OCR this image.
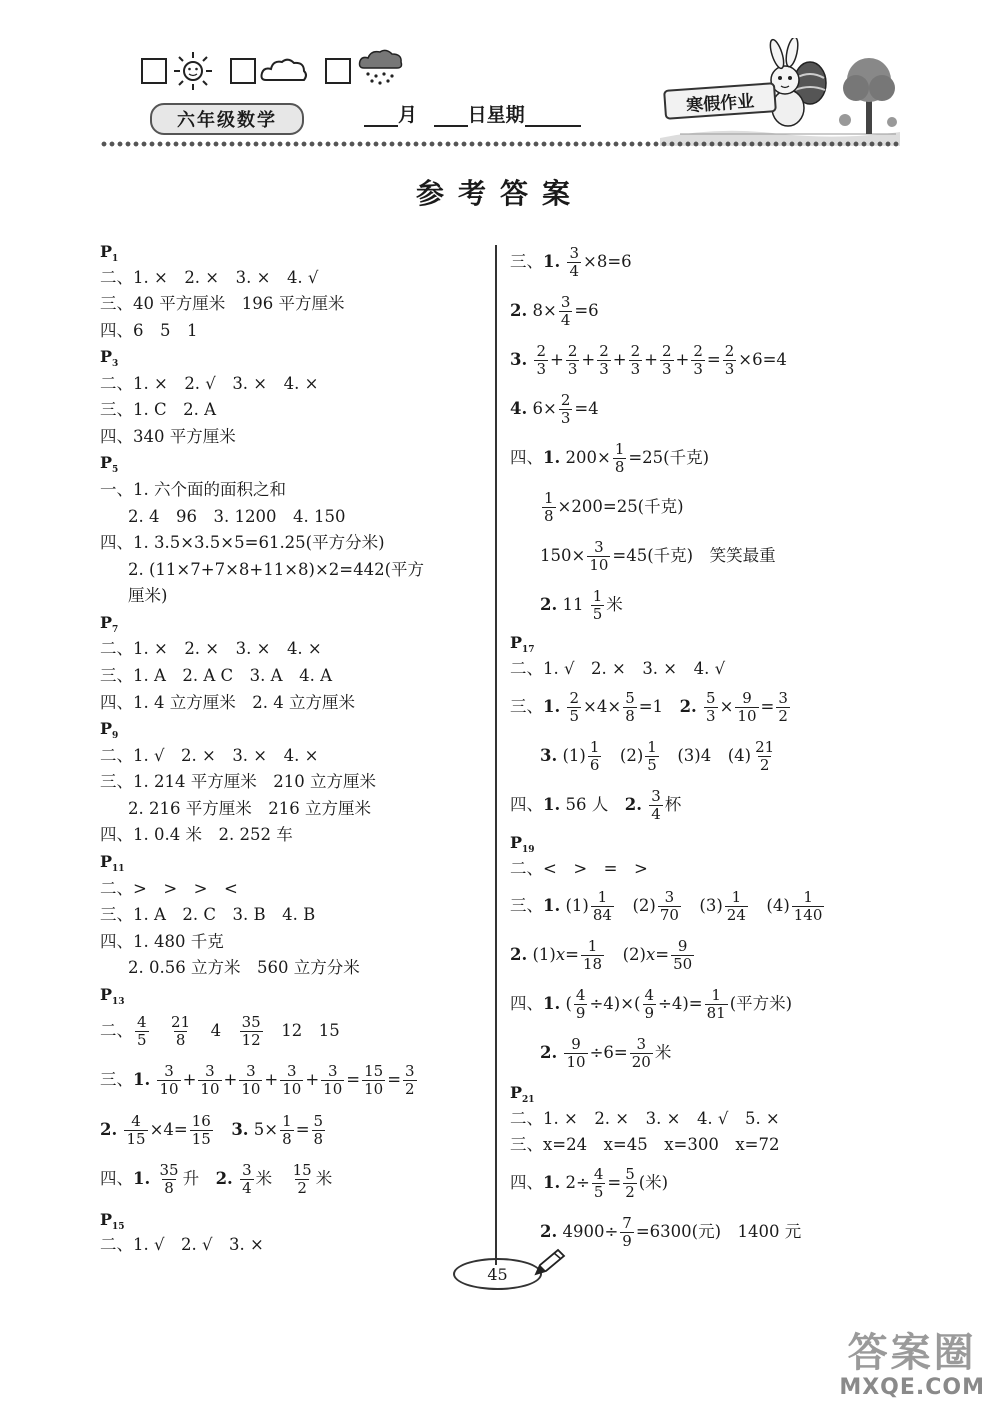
六年级数学	月	日星期	寒假作业
参考答案
$P_1$
二、1. ×　2. ×　3. ×　4. √
三、40 平方厘米　196 平方厘米
四、6　5　1
$P_3$
二、1. ×　2. √　3. ×　4. ×
三、1. C　2. A
四、340 平方厘米
$P_5$
一、1. 六个面的面积之和
2. 4　96　3. 1200　4. 150
四、1. 3.5×3.5×5=61.25(平方分米)
2. (11×7+7×8+11×8)×2=442(平方
厘米)
$P_7$
二、1. ×　2. ×　3. ×　4. ×
三、1. A　2. A C　3. A　4. A
四、1. 4 立方厘米　2. 4 立方厘米
$P_9$
二、1. √　2. ×　3. ×　4. ×
三、1. 214 平方厘米　210 立方厘米
2. 216 平方厘米　216 立方厘米
四、1. 0.4 米　2. 252 车
$P_{11}$
二、>　>　>　<
三、1. A　2. C　3. B　4. B
四、1. 480 千克
2. 0.56 立方米　560 立方分米
$P_{13}$
二、 $\frac{4}{5}$
　 $\frac{21}{8}$ 　4　 $\frac{35}{12}$ 　12　15
三、1. $\frac{3}{10} + \frac{3}{10} + \frac{3}{10} + \frac{3}{10} + \frac{3}{10} = \frac{15}{10} = \frac{3}{2}$
2. $\frac{4}{15} \times 4= \frac{16}{15}$
　 3. $5\times \frac{1}{8} = \frac{5}{8}$
四、1. $\frac{35}{8}$ 升　2. $\frac{3}{4}$ 米　 $\frac{15}{2}$ 米
$P_{15}$
二、1. √　2. √　3. ×
三、1. $\frac{3}{4} \times 8=6$
2. $8\times \frac{3}{4} =6$
3. $\frac{2}{3} + \frac{2}{3} + \frac{2}{3} + \frac{2}{3} + \frac{2}{3} + \frac{2}{3} = \frac{2}{3} \times 6=4$
4. $6\times \frac{2}{3} =4$
四、1. $200\times \frac{1}{8} =25$(千克)
$\frac{1}{8} \times 200=25$(千克)
$150\times \frac{3}{10} =45$(千克)　笑笑最重
2. $11 \frac{1}{5}$ 米
$P_{17}$
二、1. √　2. ×　3. ×　4. √
三、1. $\frac{2}{5} \times 4\times \frac{5}{8} =1$　2. $\frac{5}{3} \times \frac{9}{10} = \frac{3}{2}$
3. $(1) \frac{1}{6}$ 　$(2) \frac{1}{5}$ 　(3)4　$(4) \frac{21}{2}$
四、1. 56 人　2. $\frac{3}{4}$ 杯
$P_{19}$
二、<　>　=　>
三、1. $(1) \frac{1}{84}$ 　$(2) \frac{3}{70}$ 　$(3) \frac{1}{24}$ 　$(4) \frac{1}{140}$
2. $(1)x= \frac{1}{18}$ 　$(2)x= \frac{9}{50}$
四、1. ( $\frac{4}{9} \div 4)\times( \frac{4}{9} \div 4)= \frac{1}{81}$ (平方米)
2. $\frac{9}{10} \div 6= \frac{3}{20}$ 米
$P_{21}$
二、1. ×　2. ×　3. ×　4. √　5. ×
三、x=24　x=45　x=300　x=72
四、1. $2\div \frac{4}{5} = \frac{5}{2}$ (米)
2. $4900\div \frac{7}{9} =6300$(元)　1400 元
45
答案圈
MXQE.COM
